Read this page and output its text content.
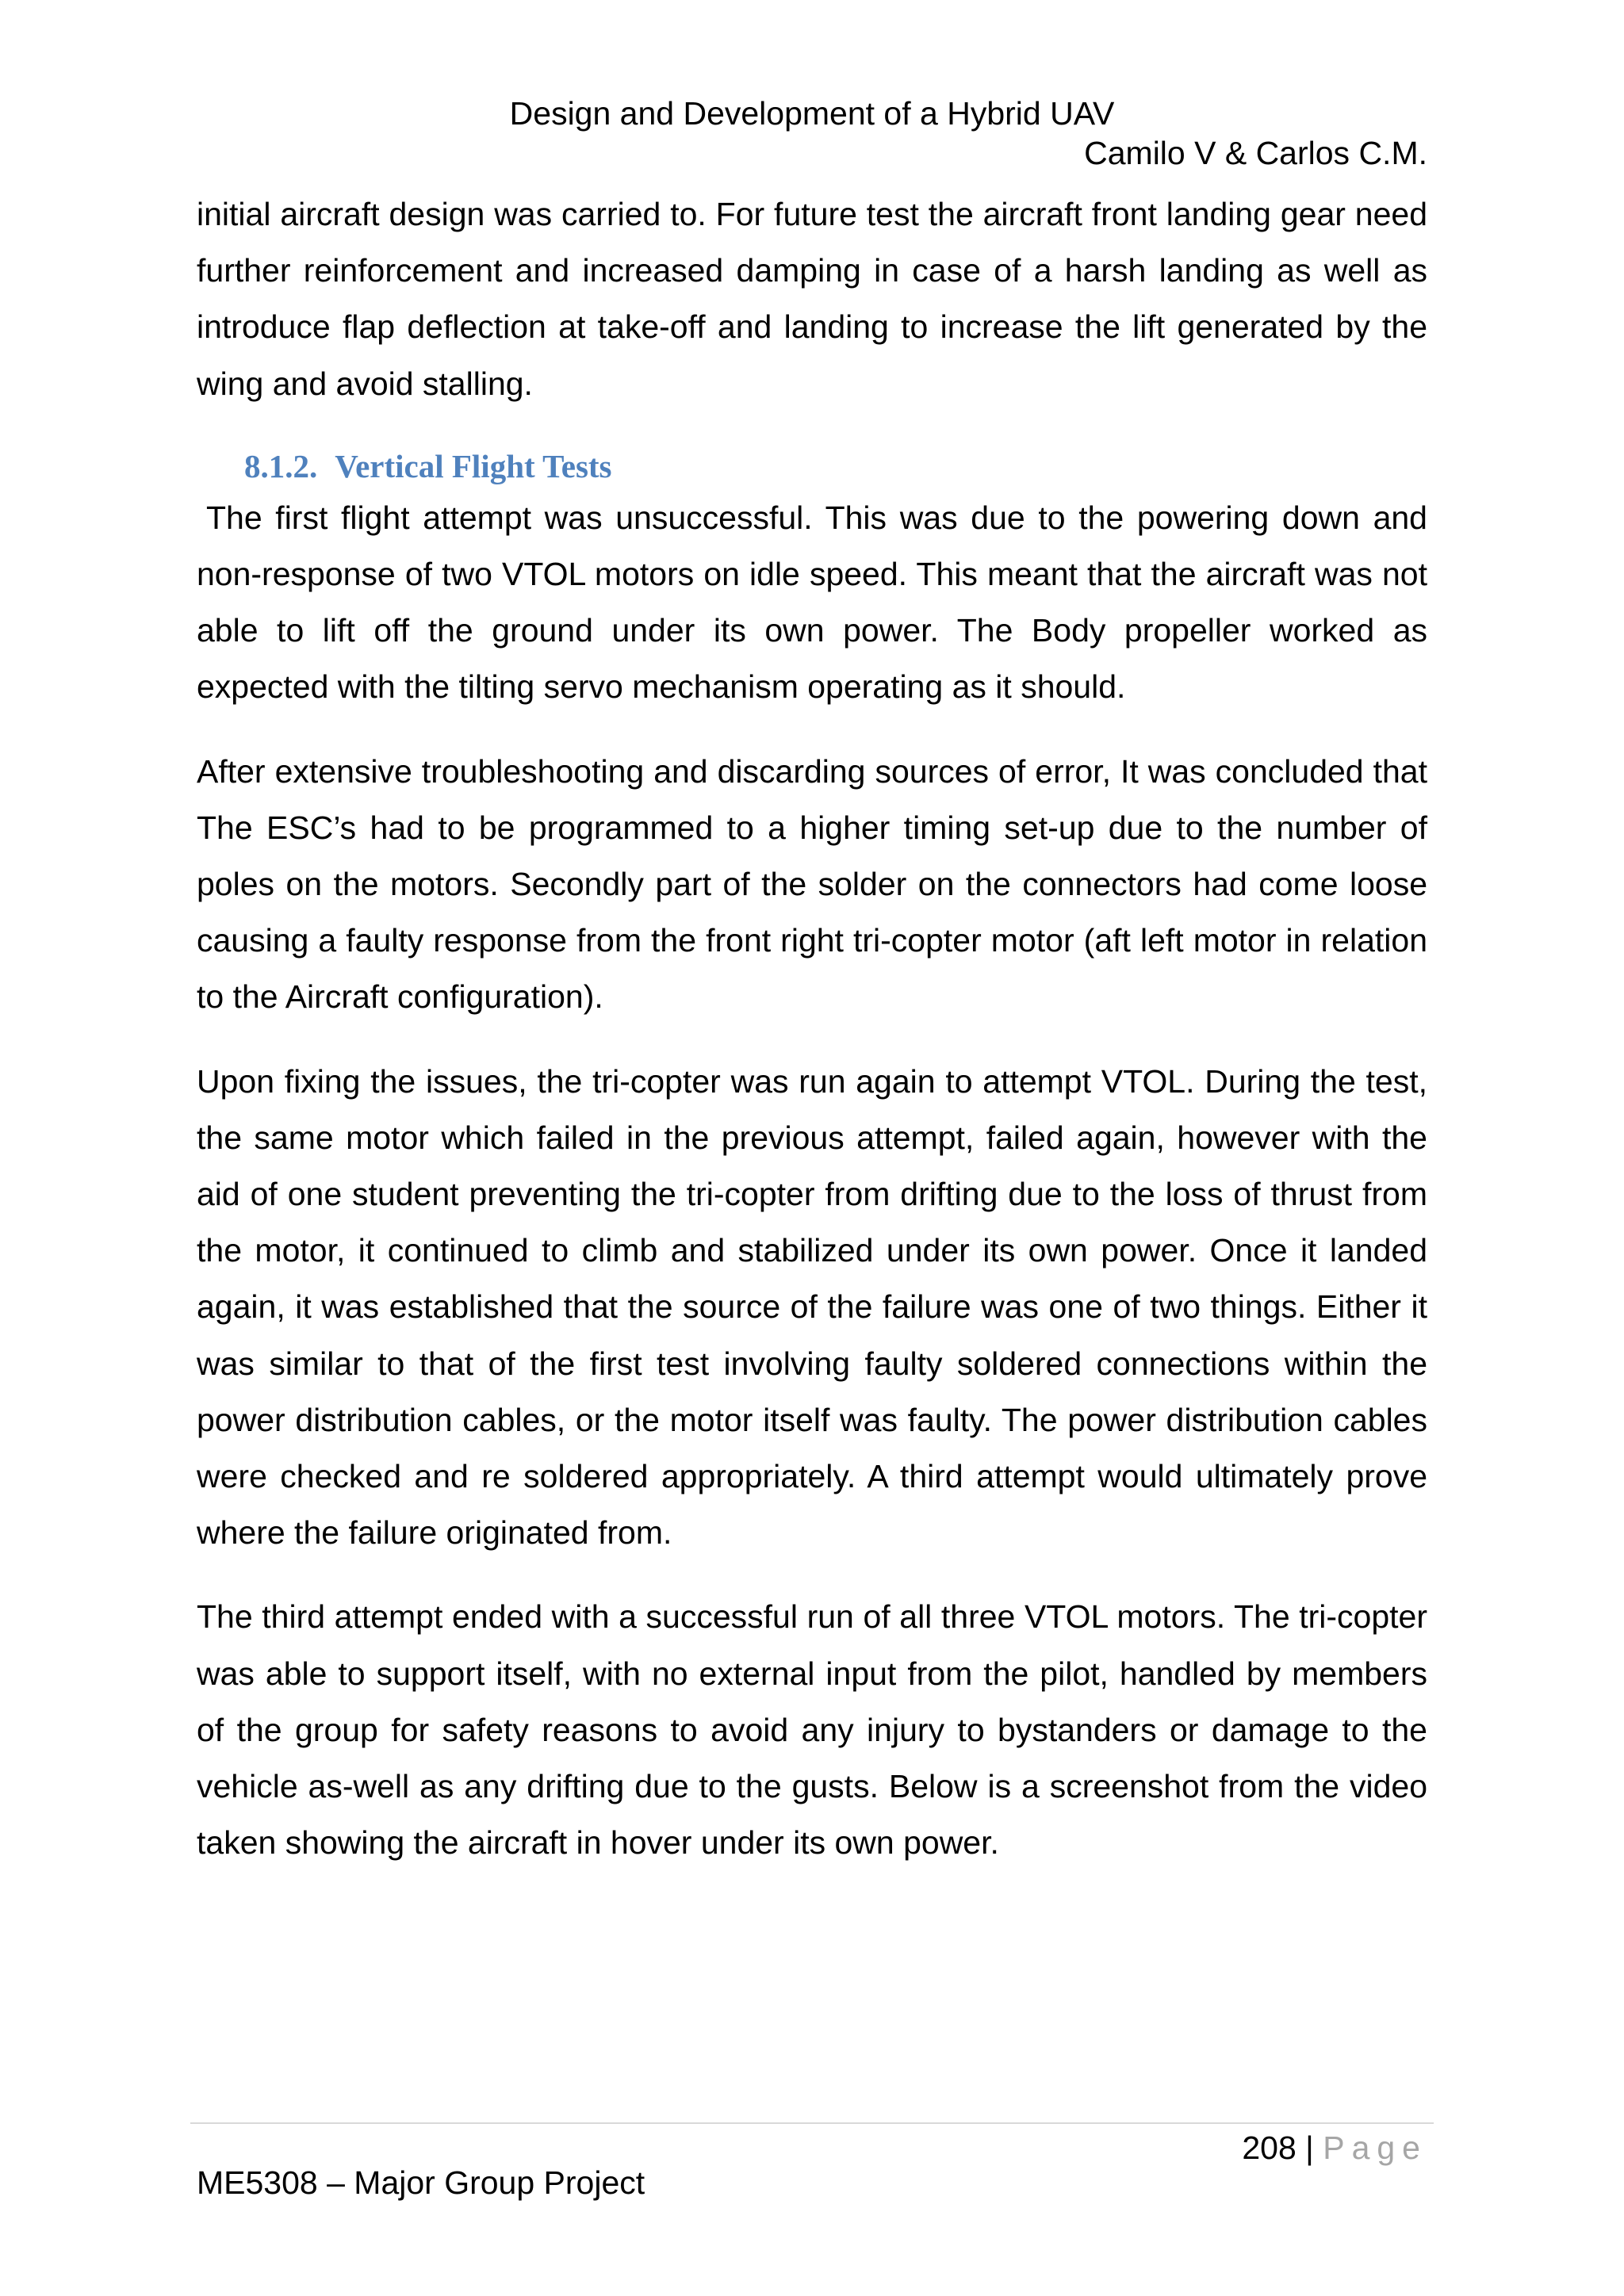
Design and Development of a Hybrid UAV
Camilo V & Carlos C.M.

initial aircraft design was carried to. For future test the aircraft front landing gear need further reinforcement and increased damping in case of a harsh landing as well as introduce flap deflection at take-off and landing to increase the lift generated by the wing and avoid stalling.

8.1.2. Vertical Flight Tests

The first flight attempt was unsuccessful. This was due to the powering down and non-response of two VTOL motors on idle speed. This meant that the aircraft was not able to lift off the ground under its own power. The Body propeller worked as expected with the tilting servo mechanism operating as it should.

After extensive troubleshooting and discarding sources of error, It was concluded that The ESC’s had to be programmed to a higher timing set-up due to the number of poles on the motors. Secondly part of the solder on the connectors had come loose causing a faulty response from the front right tri-copter motor (aft left motor in relation to the Aircraft configuration).

Upon fixing the issues, the tri-copter was run again to attempt VTOL. During the test, the same motor which failed in the previous attempt, failed again, however with the aid of one student preventing the tri-copter from drifting due to the loss of thrust from the motor, it continued to climb and stabilized under its own power. Once it landed again, it was established that the source of the failure was one of two things. Either it was similar to that of the first test involving faulty soldered connections within the power distribution cables, or the motor itself was faulty. The power distribution cables were checked and re soldered appropriately. A third attempt would ultimately prove where the failure originated from.

The third attempt ended with a successful run of all three VTOL motors. The tri-copter was able to support itself, with no external input from the pilot, handled by members of the group for safety reasons to avoid any injury to bystanders or damage to the vehicle as-well as any drifting due to the gusts. Below is a screenshot from the video taken showing the aircraft in hover under its own power.

208 | Page
ME5308 – Major Group Project
